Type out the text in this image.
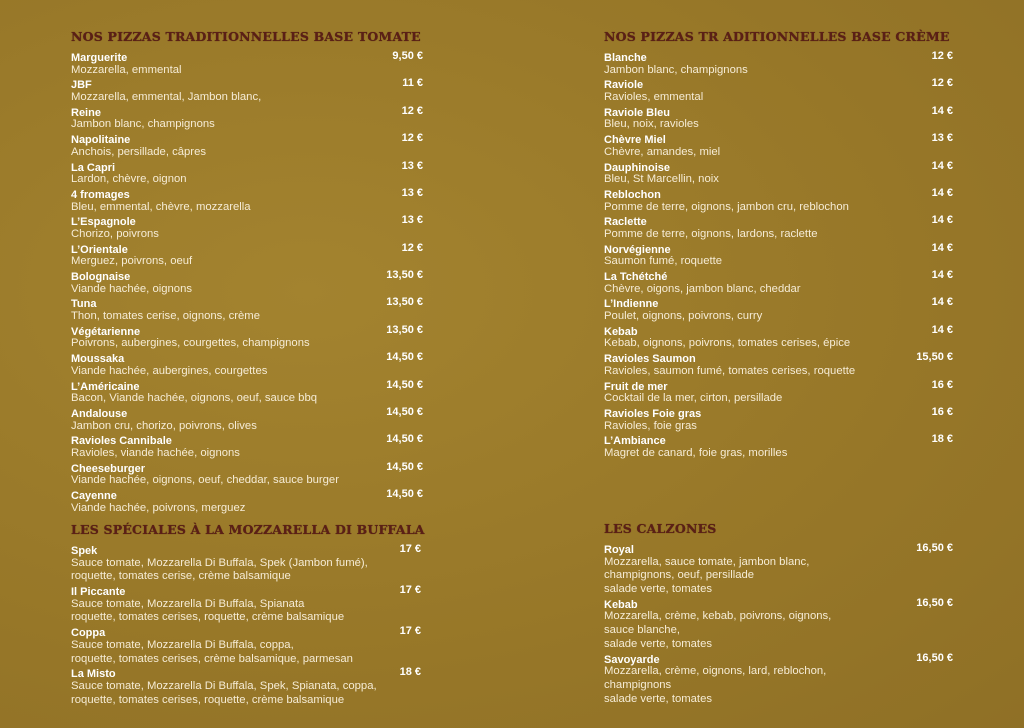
NOS PIZZAS TRADITIONNELLES BASE TOMATE
Marguerite	9,50 €
Mozzarella, emmental
JBF	11 €
Mozzarella, emmental, Jambon blanc,
Reine	12 €
Jambon blanc, champignons
Napolitaine	12 €
Anchois, persillade, câpres
La Capri	13 €
Lardon, chèvre, oignon
4 fromages	13 €
Bleu, emmental, chèvre, mozzarella
L’Espagnole	13 €
Chorizo, poivrons
L’Orientale	12 €
Merguez, poivrons, oeuf
Bolognaise	13,50 €
Viande hachée, oignons
Tuna	13,50 €
Thon, tomates cerise, oignons, crème
Végétarienne	13,50 €
Poivrons, aubergines, courgettes, champignons
Moussaka	14,50 €
Viande hachée, aubergines, courgettes
L’Américaine	14,50 €
Bacon, Viande hachée, oignons, oeuf, sauce bbq
Andalouse	14,50 €
Jambon cru, chorizo, poivrons, olives
Ravioles Cannibale	14,50 €
Ravioles, viande hachée, oignons
Cheeseburger	14,50 €
Viande hachée, oignons, oeuf, cheddar, sauce burger
Cayenne	14,50 €
Viande hachée, poivrons, merguez
LES SPÉCIALES À LA MOZZARELLA DI BUFFALA
Spek	17 €
Sauce tomate, Mozzarella Di Buffala, Spek (Jambon fumé),
roquette, tomates cerise, crème balsamique
Il Piccante	17 €
Sauce tomate, Mozzarella Di Buffala, Spianata
roquette, tomates cerises, roquette, crème balsamique
Coppa	17 €
Sauce tomate, Mozzarella Di Buffala, coppa,
roquette, tomates cerises, crème balsamique, parmesan
La Misto	18 €
Sauce tomate, Mozzarella Di Buffala, Spek, Spianata, coppa,
roquette, tomates cerises, roquette, crème balsamique
NOS PIZZAS TR ADITIONNELLES BASE CRÈME
Blanche	12 €
Jambon blanc, champignons
Raviole	12 €
Ravioles, emmental
Raviole Bleu	14 €
Bleu, noix, ravioles
Chèvre Miel	13 €
Chèvre, amandes, miel
Dauphinoise	14 €
Bleu, St Marcellin, noix
Reblochon	14 €
Pomme de terre, oignons, jambon cru, reblochon
Raclette	14 €
Pomme de terre, oignons, lardons, raclette
Norvégienne	14 €
Saumon fumé, roquette
La Tchétché	14 €
Chèvre, oigons, jambon blanc, cheddar
L’Indienne	14 €
Poulet, oignons, poivrons, curry
Kebab	14 €
Kebab, oignons, poivrons, tomates cerises, épice
Ravioles Saumon	15,50 €
Ravioles, saumon fumé, tomates cerises, roquette
Fruit de mer	16 €
Cocktail de la mer, cirton, persillade
Ravioles Foie gras	16 €
Ravioles, foie gras
L’Ambiance	18 €
Magret de canard, foie gras, morilles
LES CALZONES
Royal	16,50 €
Mozzarella, sauce tomate, jambon blanc,
champignons, oeuf, persillade
salade verte, tomates
Kebab	16,50 €
Mozzarella, crème, kebab, poivrons, oignons,
sauce blanche,
salade verte, tomates
Savoyarde	16,50 €
Mozzarella, crème, oignons, lard, reblochon,
champignons
salade verte, tomates
